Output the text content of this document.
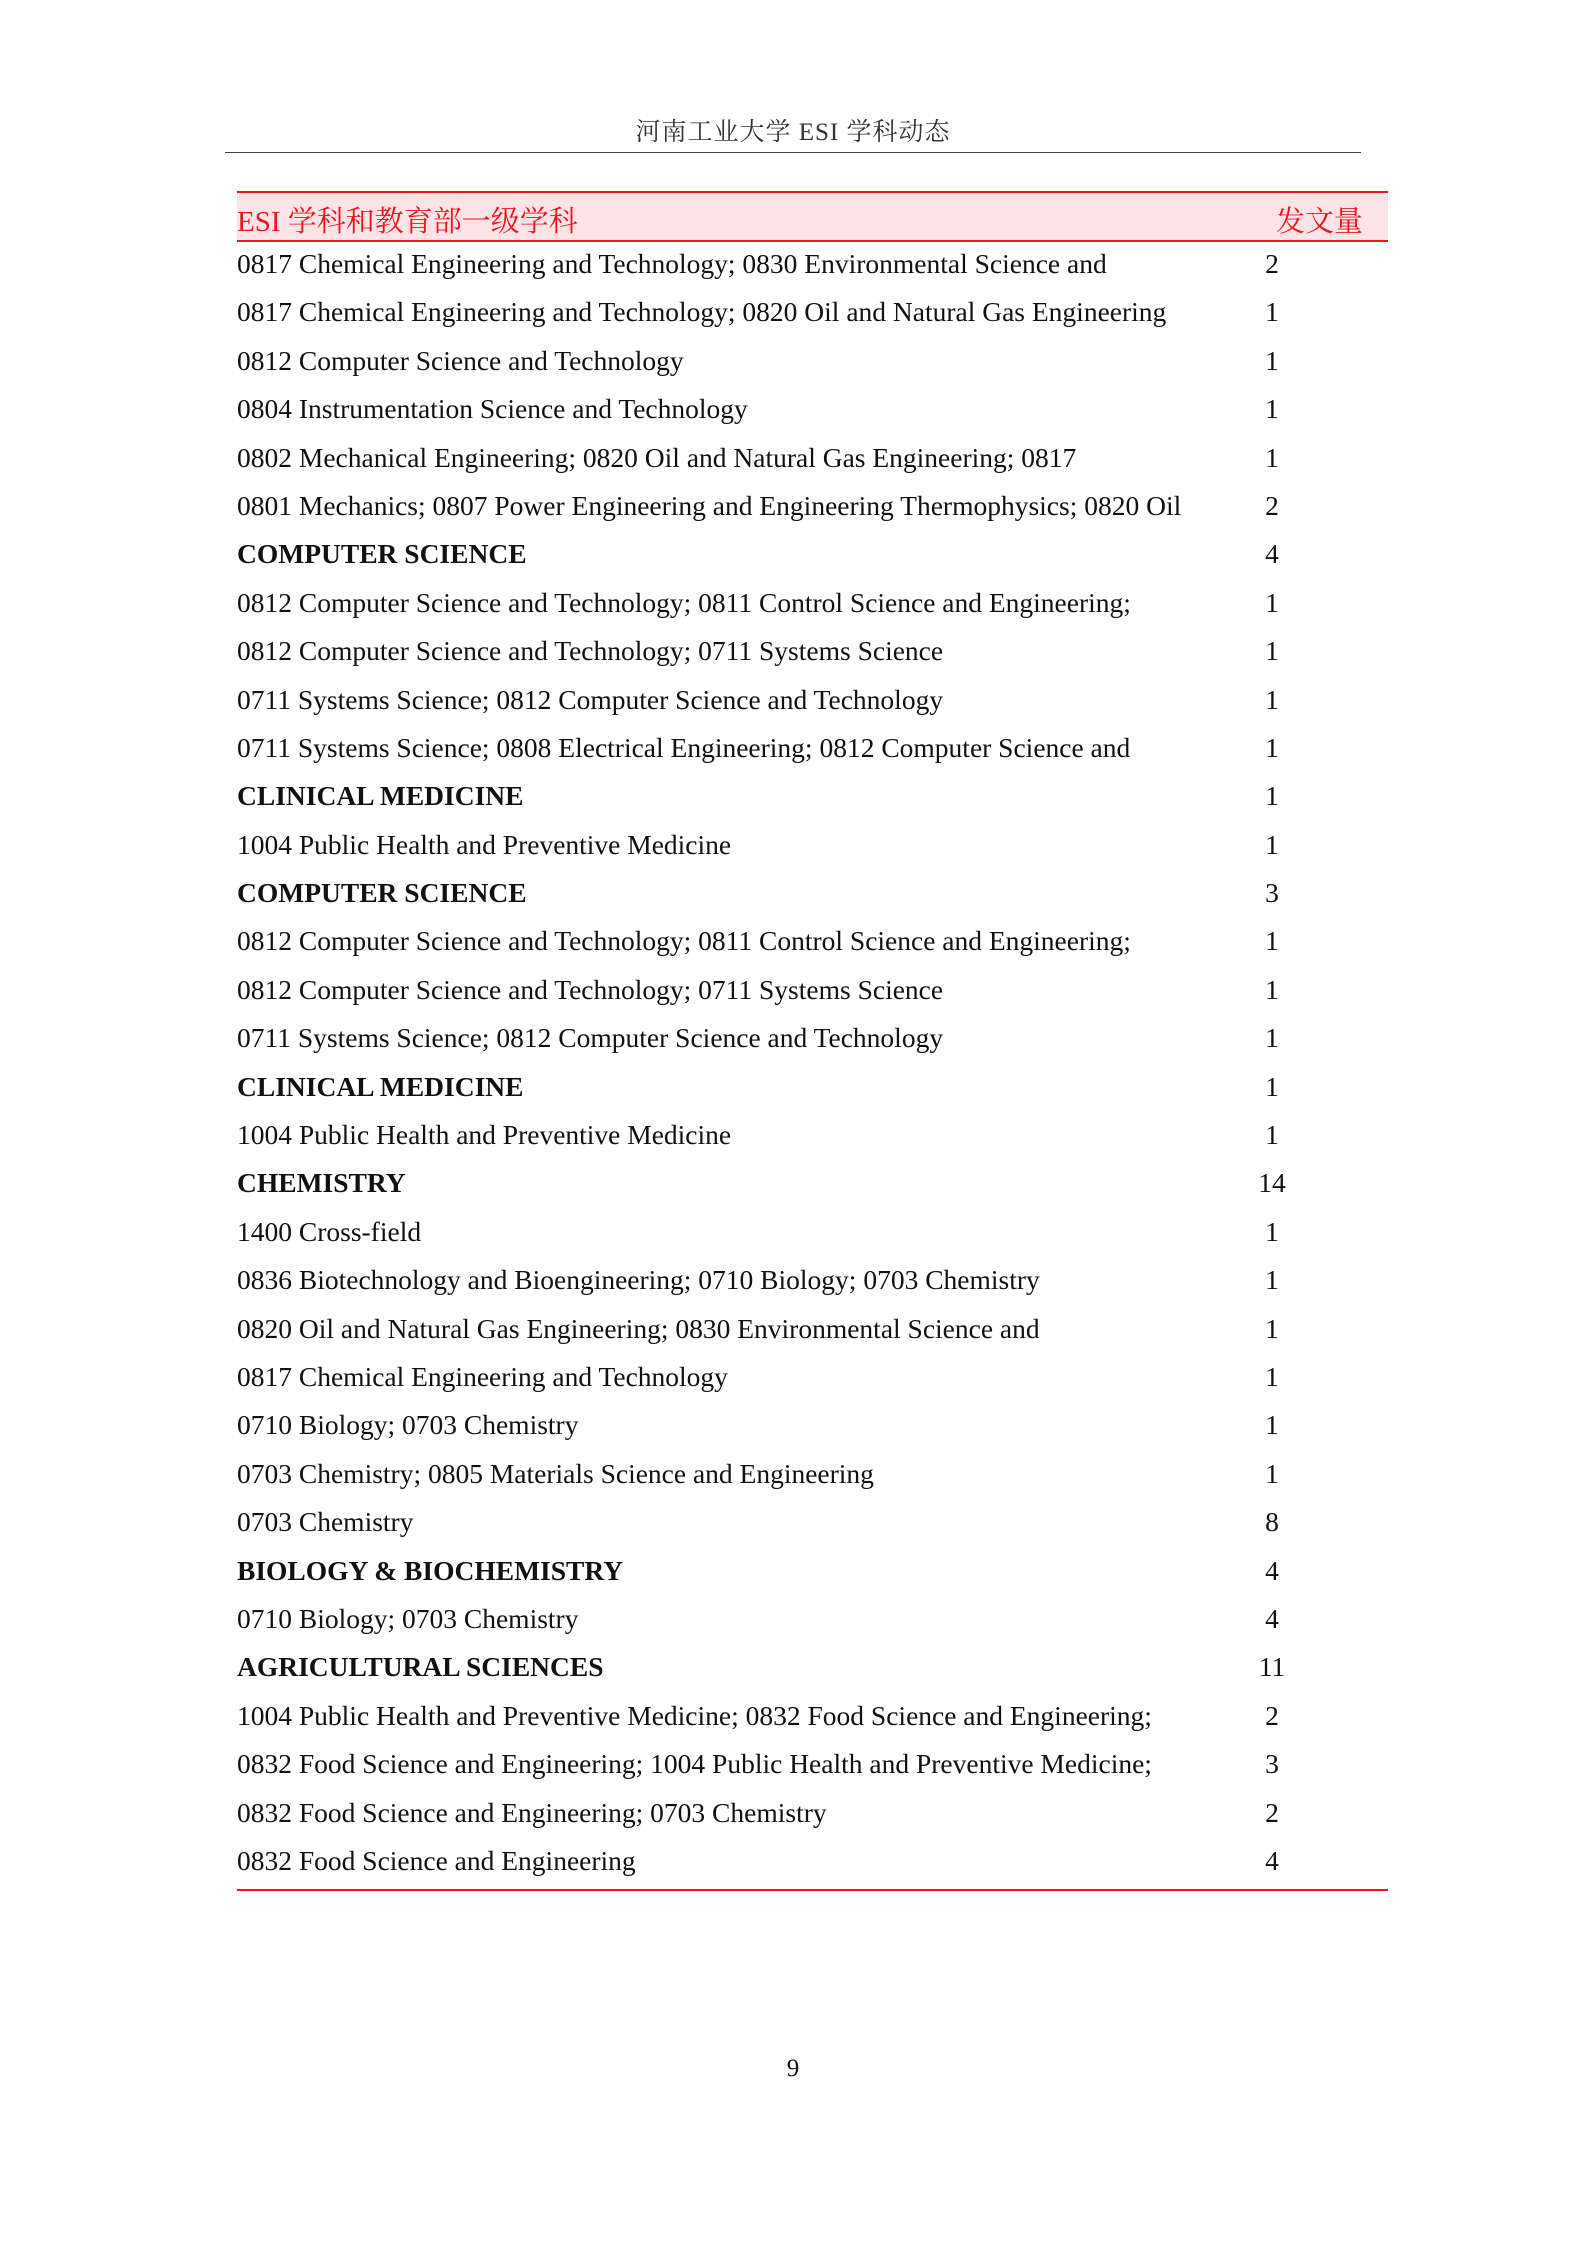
河南工业大学 ESI 学科动态
ESI 学科和教育部一级学科	发文量
0817 Chemical Engineering and Technology; 0830 Environmental Science and	2
0817 Chemical Engineering and Technology; 0820 Oil and Natural Gas Engineering	1
0812 Computer Science and Technology	1
0804 Instrumentation Science and Technology	1
0802 Mechanical Engineering; 0820 Oil and Natural Gas Engineering; 0817	1
0801 Mechanics; 0807 Power Engineering and Engineering Thermophysics; 0820 Oil	2
COMPUTER SCIENCE	4
0812 Computer Science and Technology; 0811 Control Science and Engineering;	1
0812 Computer Science and Technology; 0711 Systems Science	1
0711 Systems Science; 0812 Computer Science and Technology	1
0711 Systems Science; 0808 Electrical Engineering; 0812 Computer Science and	1
CLINICAL MEDICINE	1
1004 Public Health and Preventive Medicine	1
COMPUTER SCIENCE	3
0812 Computer Science and Technology; 0811 Control Science and Engineering;	1
0812 Computer Science and Technology; 0711 Systems Science	1
0711 Systems Science; 0812 Computer Science and Technology	1
CLINICAL MEDICINE	1
1004 Public Health and Preventive Medicine	1
CHEMISTRY	14
1400 Cross-field	1
0836 Biotechnology and Bioengineering; 0710 Biology; 0703 Chemistry	1
0820 Oil and Natural Gas Engineering; 0830 Environmental Science and	1
0817 Chemical Engineering and Technology	1
0710 Biology; 0703 Chemistry	1
0703 Chemistry; 0805 Materials Science and Engineering	1
0703 Chemistry	8
BIOLOGY & BIOCHEMISTRY	4
0710 Biology; 0703 Chemistry	4
AGRICULTURAL SCIENCES	11
1004 Public Health and Preventive Medicine; 0832 Food Science and Engineering;	2
0832 Food Science and Engineering; 1004 Public Health and Preventive Medicine;	3
0832 Food Science and Engineering; 0703 Chemistry	2
0832 Food Science and Engineering	4
9
